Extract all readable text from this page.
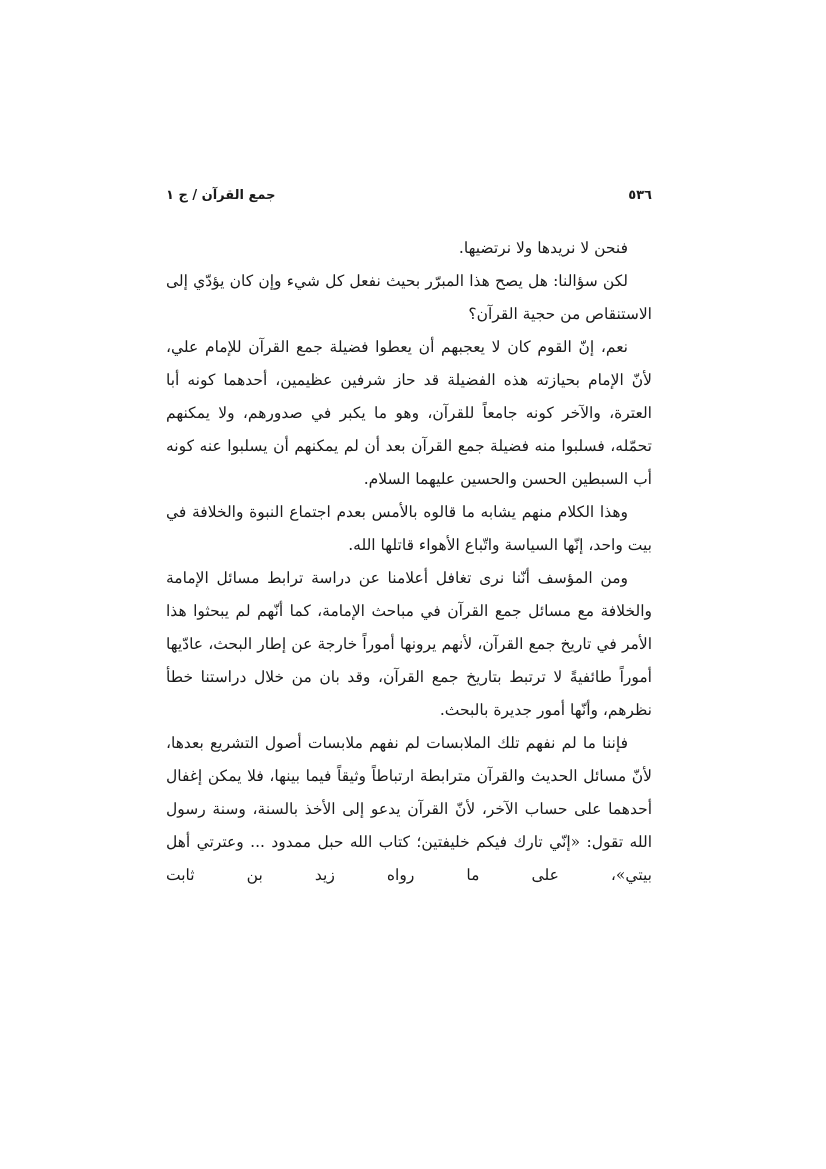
٥٣٦
جمع القرآن / ج ١

فنحن لا نريدها ولا نرتضيها.

لكن سؤالنا: هل يصح هذا المبرّر بحيث نفعل كل شيء وإن كان يؤدّي إلى الاستنقاص من حجية القرآن؟

نعم، إنّ القوم كان لا يعجبهم أن يعطوا فضيلة جمع القرآن للإمام علي، لأنّ الإمام بحيازته هذه الفضيلة قد حاز شرفين عظيمين، أحدهما كونه أبا العترة، والآخر كونه جامعاً للقرآن، وهو ما يكبر في صدورهم، ولا يمكنهم تحمّله، فسلبوا منه فضيلة جمع القرآن بعد أن لم يمكنهم أن يسلبوا عنه كونه أب السبطين الحسن والحسين عليهما السلام.

وهذا الكلام منهم يشابه ما قالوه بالأمس بعدم اجتماع النبوة والخلافة في بيت واحد، إنّها السياسة واتّباع الأهواء قاتلها الله.

ومن المؤسف أنّنا نرى تغافل أعلامنا عن دراسة ترابط مسائل الإمامة والخلافة مع مسائل جمع القرآن في مباحث الإمامة، كما أنّهم لم يبحثوا هذا الأمر في تاريخ جمع القرآن، لأنهم يرونها أموراً خارجة عن إطار البحث، عادّيها أموراً طائفيةً لا ترتبط بتاريخ جمع القرآن، وقد بان من خلال دراستنا خطأ نظرهم، وأنّها أمور جديرة بالبحث.

فإننا ما لم نفهم تلك الملابسات لم نفهم ملابسات أصول التشريع بعدها، لأنّ مسائل الحديث والقرآن مترابطة ارتباطاً وثيقاً فيما بينها، فلا يمكن إغفال أحدهما على حساب الآخر، لأنّ القرآن يدعو إلى الأخذ بالسنة، وسنة رسول الله تقول: «إنّي تارك فيكم خليفتين؛ كتاب الله حبل ممدود ... وعترتي أهل بيتي»، على ما رواه زيد بن ثابت
